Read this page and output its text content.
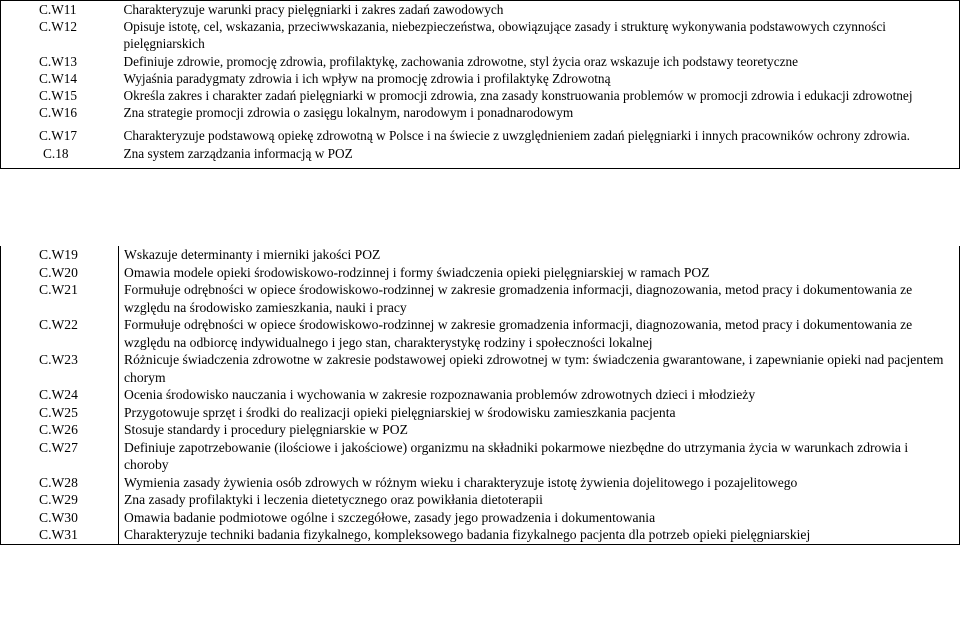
C.W11	Charakteryzuje warunki pracy pielęgniarki i zakres zadań zawodowych
C.W12	Opisuje istotę, cel, wskazania, przeciwwskazania, niebezpieczeństwa, obowiązujące zasady i strukturę wykonywania podstawowych czynności pielęgniarskich
C.W13	Definiuje zdrowie, promocję zdrowia, profilaktykę, zachowania zdrowotne, styl życia oraz wskazuje ich podstawy teoretyczne
C.W14	Wyjaśnia paradygmaty zdrowia i ich wpływ na promocję zdrowia i profilaktykę Zdrowotną
C.W15	Określa zakres i charakter zadań pielęgniarki w promocji zdrowia, zna zasady konstruowania problemów w promocji zdrowia i edukacji zdrowotnej
C.W16	Zna strategie promocji zdrowia o zasięgu lokalnym, narodowym i ponadnarodowym

C.W17	Charakteryzuje podstawową opiekę zdrowotną w Polsce i na świecie z uwzględnieniem zadań pielęgniarki i innych pracowników ochrony zdrowia.
C.18	Zna system zarządzania informacją w POZ

C.W19	Wskazuje determinanty i mierniki jakości POZ
C.W20	Omawia modele opieki środowiskowo-rodzinnej i formy świadczenia opieki pielęgniarskiej w ramach POZ
C.W21	Formułuje odrębności w opiece środowiskowo-rodzinnej w zakresie gromadzenia informacji, diagnozowania, metod pracy i dokumentowania ze względu na środowisko zamieszkania, nauki i pracy
C.W22	Formułuje odrębności w opiece środowiskowo-rodzinnej w zakresie gromadzenia informacji, diagnozowania, metod pracy i dokumentowania ze względu na odbiorcę indywidualnego i jego stan, charakterystykę rodziny i społeczności lokalnej
C.W23	Różnicuje świadczenia zdrowotne w zakresie podstawowej opieki zdrowotnej w tym: świadczenia gwarantowane, i zapewnianie opieki nad pacjentem chorym
C.W24	Ocenia środowisko nauczania i wychowania w zakresie rozpoznawania problemów zdrowotnych dzieci i młodzieży
C.W25	Przygotowuje sprzęt i środki do realizacji opieki pielęgniarskiej w środowisku zamieszkania pacjenta
C.W26	Stosuje standardy i procedury pielęgniarskie w POZ
C.W27	Definiuje zapotrzebowanie (ilościowe i jakościowe) organizmu na składniki pokarmowe niezbędne do utrzymania życia w warunkach zdrowia i choroby
C.W28	Wymienia zasady żywienia osób zdrowych w różnym wieku i charakteryzuje istotę żywienia dojelitowego i pozajelitowego
C.W29	Zna zasady profilaktyki i leczenia dietetycznego oraz powikłania dietoterapii
C.W30	Omawia badanie podmiotowe ogólne i szczegółowe, zasady jego prowadzenia i dokumentowania
C.W31	Charakteryzuje techniki badania fizykalnego, kompleksowego badania fizykalnego pacjenta dla potrzeb opieki pielęgniarskiej
